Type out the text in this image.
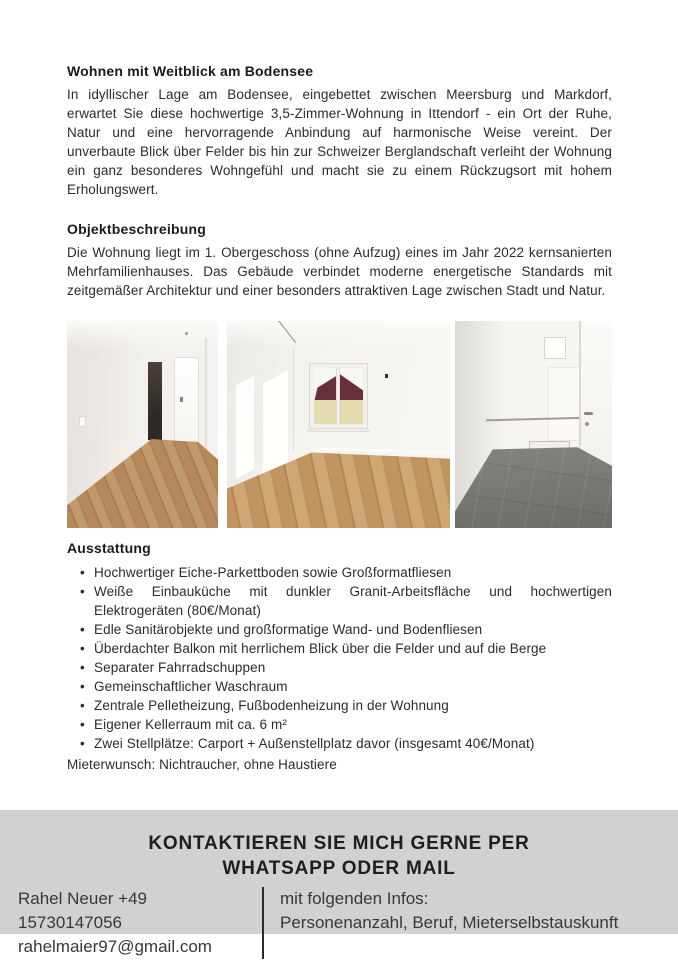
Wohnen mit Weitblick am Bodensee

In idyllischer Lage am Bodensee, eingebettet zwischen Meersburg und Markdorf, erwartet Sie diese hochwertige 3,5-Zimmer-Wohnung in Ittendorf - ein Ort der Ruhe, Natur und eine hervorragende Anbindung auf harmonische Weise vereint. Der unverbaute Blick über Felder bis hin zur Schweizer Berglandschaft verleiht der Wohnung ein ganz besonderes Wohngefühl und macht sie zu einem Rückzugsort mit hohem Erholungswert.

Objektbeschreibung

Die Wohnung liegt im 1. Obergeschoss (ohne Aufzug) eines im Jahr 2022 kernsanierten Mehrfamilienhauses. Das Gebäude verbindet moderne energetische Standards mit zeitgemäßer Architektur und einer besonders attraktiven Lage zwischen Stadt und Natur.

Ausstattung
• Hochwertiger Eiche-Parkettboden sowie Großformatfliesen
• Weiße Einbauküche mit dunkler Granit-Arbeitsfläche und hochwertigen Elektrogeräten (80€/Monat)
• Edle Sanitärobjekte und großformatige Wand- und Bodenfliesen
• Überdachter Balkon mit herrlichem Blick über die Felder und auf die Berge
• Separater Fahrradschuppen
• Gemeinschaftlicher Waschraum
• Zentrale Pelletheizung, Fußbodenheizung in der Wohnung
• Eigener Kellerraum mit ca. 6 m²
• Zwei Stellplätze: Carport + Außenstellplatz davor (insgesamt 40€/Monat)

Mieterwunsch: Nichtraucher, ohne Haustiere

KONTAKTIEREN SIE MICH GERNE PER
WHATSAPP ODER MAIL
Rahel Neuer +49 15730147056
rahelmaier97@gmail.com
mit folgenden Infos:
Personenanzahl, Beruf, Mieterselbstauskunft
